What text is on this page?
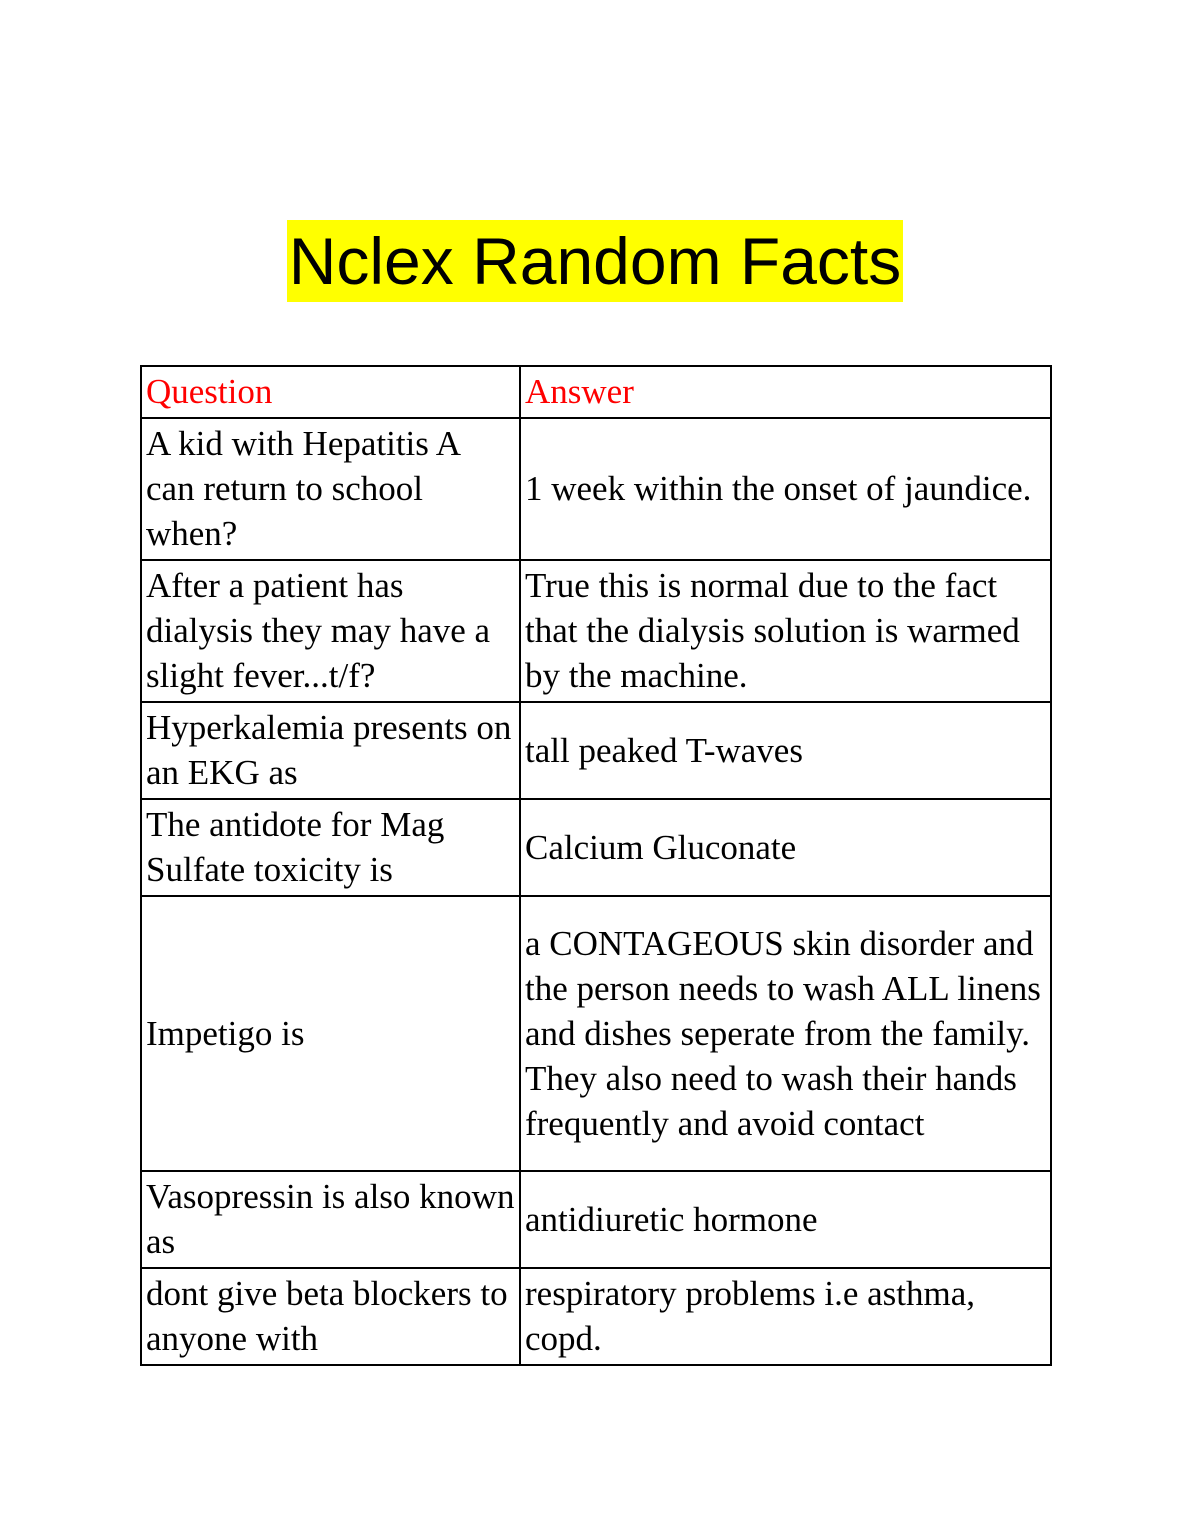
Nclex Random Facts
Question	Answer
A kid with Hepatitis A can return to school when?	1 week within the onset of jaundice.
After a patient has dialysis they may have a slight fever...t/f?	True this is normal due to the fact that the dialysis solution is warmed by the machine.
Hyperkalemia presents on an EKG as	tall peaked T-waves
The antidote for Mag Sulfate toxicity is	Calcium Gluconate
Impetigo is	a CONTAGEOUS skin disorder and the person needs to wash ALL linens and dishes seperate from the family. They also need to wash their hands frequently and avoid contact
Vasopressin is also known as	antidiuretic hormone
dont give beta blockers to anyone with	respiratory problems i.e asthma, copd.
